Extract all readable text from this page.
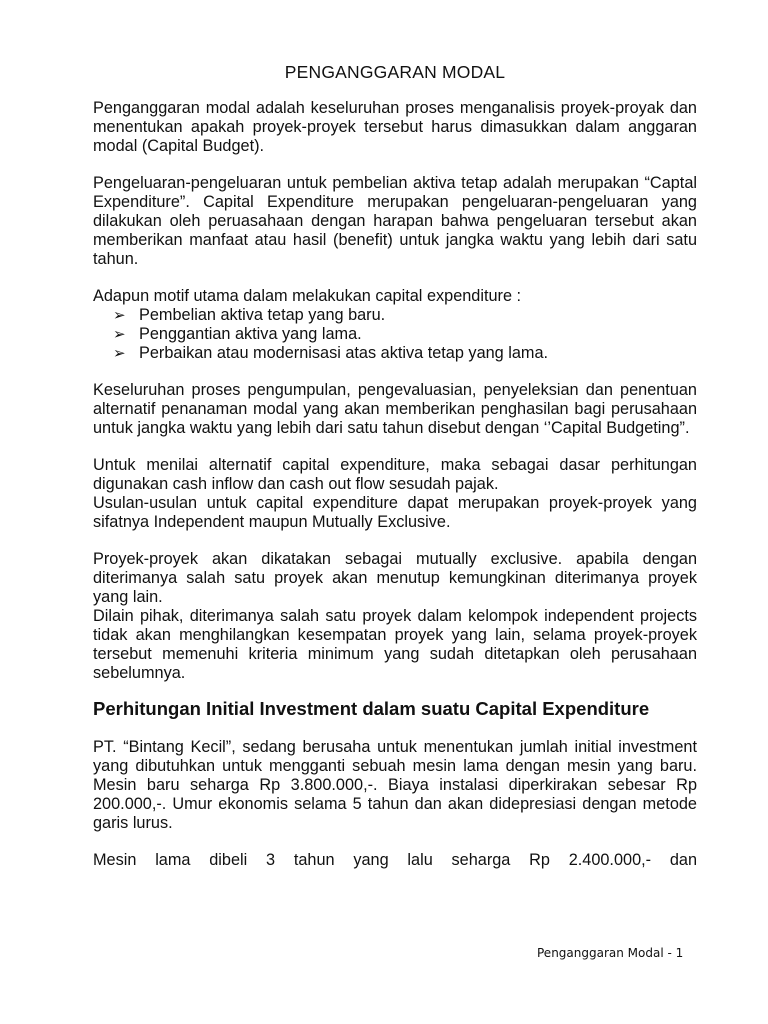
PENGANGGARAN MODAL

Penganggaran modal adalah keseluruhan proses menganalisis proyek-proyak dan menentukan apakah proyek-proyek tersebut harus dimasukkan dalam anggaran modal (Capital Budget).

Pengeluaran-pengeluaran untuk pembelian aktiva tetap adalah merupakan “Captal Expenditure”. Capital Expenditure merupakan pengeluaran-pengeluaran yang dilakukan oleh peruasahaan dengan harapan bahwa pengeluaran tersebut akan memberikan manfaat atau hasil (benefit) untuk jangka waktu yang lebih dari satu tahun.

Adapun motif utama dalam melakukan capital expenditure :

➢ Pembelian aktiva tetap yang baru.
➢ Penggantian aktiva yang lama.
➢ Perbaikan atau modernisasi atas aktiva tetap yang lama.

Keseluruhan proses pengumpulan, pengevaluasian, penyeleksian dan penentuan alternatif penanaman modal yang akan memberikan penghasilan bagi perusahaan untuk jangka waktu yang lebih dari satu tahun disebut dengan ‘’Capital Budgeting”.

Untuk menilai alternatif capital expenditure, maka sebagai dasar perhitungan digunakan cash inflow dan cash out flow sesudah pajak.

Usulan-usulan untuk capital expenditure dapat merupakan proyek-proyek yang sifatnya Independent maupun Mutually Exclusive.

Proyek-proyek akan dikatakan sebagai mutually exclusive. apabila dengan diterimanya salah satu proyek akan menutup kemungkinan diterimanya proyek yang lain.

Dilain pihak, diterimanya salah satu proyek dalam kelompok independent projects tidak akan menghilangkan kesempatan proyek yang lain, selama proyek-proyek tersebut memenuhi kriteria minimum yang sudah ditetapkan oleh perusahaan sebelumnya.

Perhitungan Initial Investment dalam suatu Capital Expenditure

PT. “Bintang Kecil”, sedang berusaha untuk menentukan jumlah initial investment yang dibutuhkan untuk mengganti sebuah mesin lama dengan mesin yang baru. Mesin baru seharga Rp 3.800.000,-. Biaya instalasi diperkirakan sebesar Rp 200.000,-. Umur ekonomis selama 5 tahun dan akan didepresiasi dengan metode garis lurus.

Mesin lama dibeli 3 tahun yang lalu seharga Rp 2.400.000,- dan

Penganggaran Modal - 1
